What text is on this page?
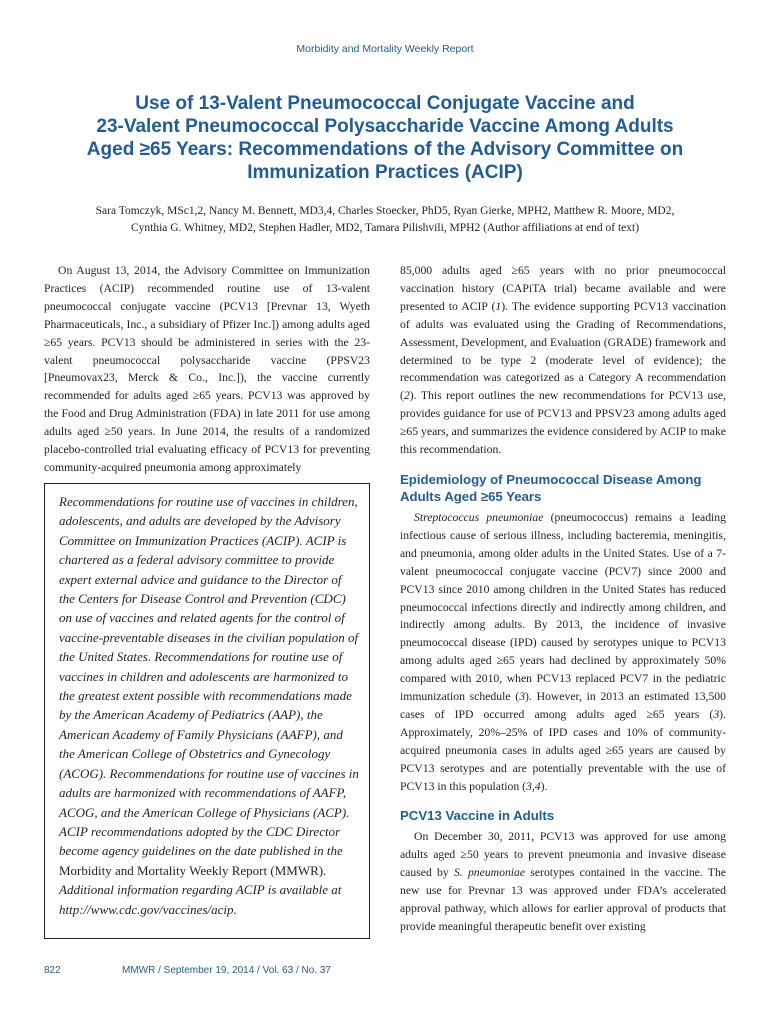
Morbidity and Mortality Weekly Report
Use of 13-Valent Pneumococcal Conjugate Vaccine and
23-Valent Pneumococcal Polysaccharide Vaccine Among Adults
Aged ≥65 Years: Recommendations of the Advisory Committee on
Immunization Practices (ACIP)
Sara Tomczyk, MSc1,2, Nancy M. Bennett, MD3,4, Charles Stoecker, PhD5, Ryan Gierke, MPH2, Matthew R. Moore, MD2,
Cynthia G. Whitney, MD2, Stephen Hadler, MD2, Tamara Pilishvili, MPH2 (Author affiliations at end of text)

On August 13, 2014, the Advisory Committee on Immunization Practices (ACIP) recommended routine use of 13-valent pneumococcal conjugate vaccine (PCV13 [Prevnar 13, Wyeth Pharmaceuticals, Inc., a subsidiary of Pfizer Inc.]) among adults aged ≥65 years. PCV13 should be administered in series with the 23-valent pneumococcal polysaccharide vaccine (PPSV23 [Pneumovax23, Merck & Co., Inc.]), the vaccine currently recommended for adults aged ≥65 years. PCV13 was approved by the Food and Drug Administration (FDA) in late 2011 for use among adults aged ≥50 years. In June 2014, the results of a randomized placebo-controlled trial evaluating efficacy of PCV13 for preventing community-acquired pneumonia among approximately

Recommendations for routine use of vaccines in children, adolescents, and adults are developed by the Advisory Committee on Immunization Practices (ACIP). ACIP is chartered as a federal advisory committee to provide expert external advice and guidance to the Director of the Centers for Disease Control and Prevention (CDC) on use of vaccines and related agents for the control of vaccine-preventable diseases in the civilian population of the United States. Recommendations for routine use of vaccines in children and adolescents are harmonized to the greatest extent possible with recommendations made by the American Academy of Pediatrics (AAP), the American Academy of Family Physicians (AAFP), and the American College of Obstetrics and Gynecology (ACOG). Recommendations for routine use of vaccines in adults are harmonized with recommendations of AAFP, ACOG, and the American College of Physicians (ACP).

ACIP recommendations adopted by the CDC Director become agency guidelines on the date published in the Morbidity and Mortality Weekly Report (MMWR). Additional information regarding ACIP is available at http://www.cdc.gov/vaccines/acip.

85,000 adults aged ≥65 years with no prior pneumococcal vaccination history (CAPiTA trial) became available and were presented to ACIP (1). The evidence supporting PCV13 vaccination of adults was evaluated using the Grading of Recommendations, Assessment, Development, and Evaluation (GRADE) framework and determined to be type 2 (moderate level of evidence); the recommendation was categorized as a Category A recommendation (2). This report outlines the new recommendations for PCV13 use, provides guidance for use of PCV13 and PPSV23 among adults aged ≥65 years, and summarizes the evidence considered by ACIP to make this recommendation.

Epidemiology of Pneumococcal Disease Among
Adults Aged ≥65 Years

Streptococcus pneumoniae (pneumococcus) remains a leading infectious cause of serious illness, including bacteremia, meningitis, and pneumonia, among older adults in the United States. Use of a 7-valent pneumococcal conjugate vaccine (PCV7) since 2000 and PCV13 since 2010 among children in the United States has reduced pneumococcal infections directly and indirectly among children, and indirectly among adults. By 2013, the incidence of invasive pneumococcal disease (IPD) caused by serotypes unique to PCV13 among adults aged ≥65 years had declined by approximately 50% compared with 2010, when PCV13 replaced PCV7 in the pediatric immunization schedule (3). However, in 2013 an estimated 13,500 cases of IPD occurred among adults aged ≥65 years (3). Approximately, 20%–25% of IPD cases and 10% of community-acquired pneumonia cases in adults aged ≥65 years are caused by PCV13 serotypes and are potentially preventable with the use of PCV13 in this population (3,4).

PCV13 Vaccine in Adults

On December 30, 2011, PCV13 was approved for use among adults aged ≥50 years to prevent pneumonia and invasive disease caused by S. pneumoniae serotypes contained in the vaccine. The new use for Prevnar 13 was approved under FDA’s accelerated approval pathway, which allows for earlier approval of products that provide meaningful therapeutic benefit over existing

822	MMWR / September 19, 2014 / Vol. 63 / No. 37
